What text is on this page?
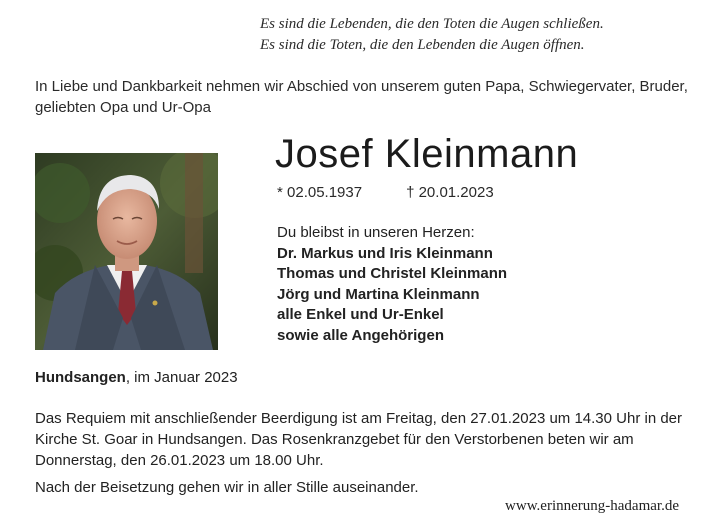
Es sind die Lebenden, die den Toten die Augen schließen.
Es sind die Toten, die den Lebenden die Augen öffnen.
In Liebe und Dankbarkeit nehmen wir Abschied von unserem guten Papa, Schwiegervater, Bruder, geliebten Opa und Ur-Opa
Josef Kleinmann
* 02.05.1937	† 20.01.2023
Du bleibst in unseren Herzen:
Dr. Markus und Iris Kleinmann
Thomas und Christel Kleinmann
Jörg und Martina Kleinmann
alle Enkel und Ur-Enkel
sowie alle Angehörigen
Hundsangen, im Januar 2023
Das Requiem mit anschließender Beerdigung ist am Freitag, den 27.01.2023 um 14.30 Uhr in der Kirche St. Goar in Hundsangen. Das Rosenkranzgebet für den Verstorbenen beten wir am Donnerstag, den 26.01.2023 um 18.00 Uhr.
Nach der Beisetzung gehen wir in aller Stille auseinander.
www.erinnerung-hadamar.de
